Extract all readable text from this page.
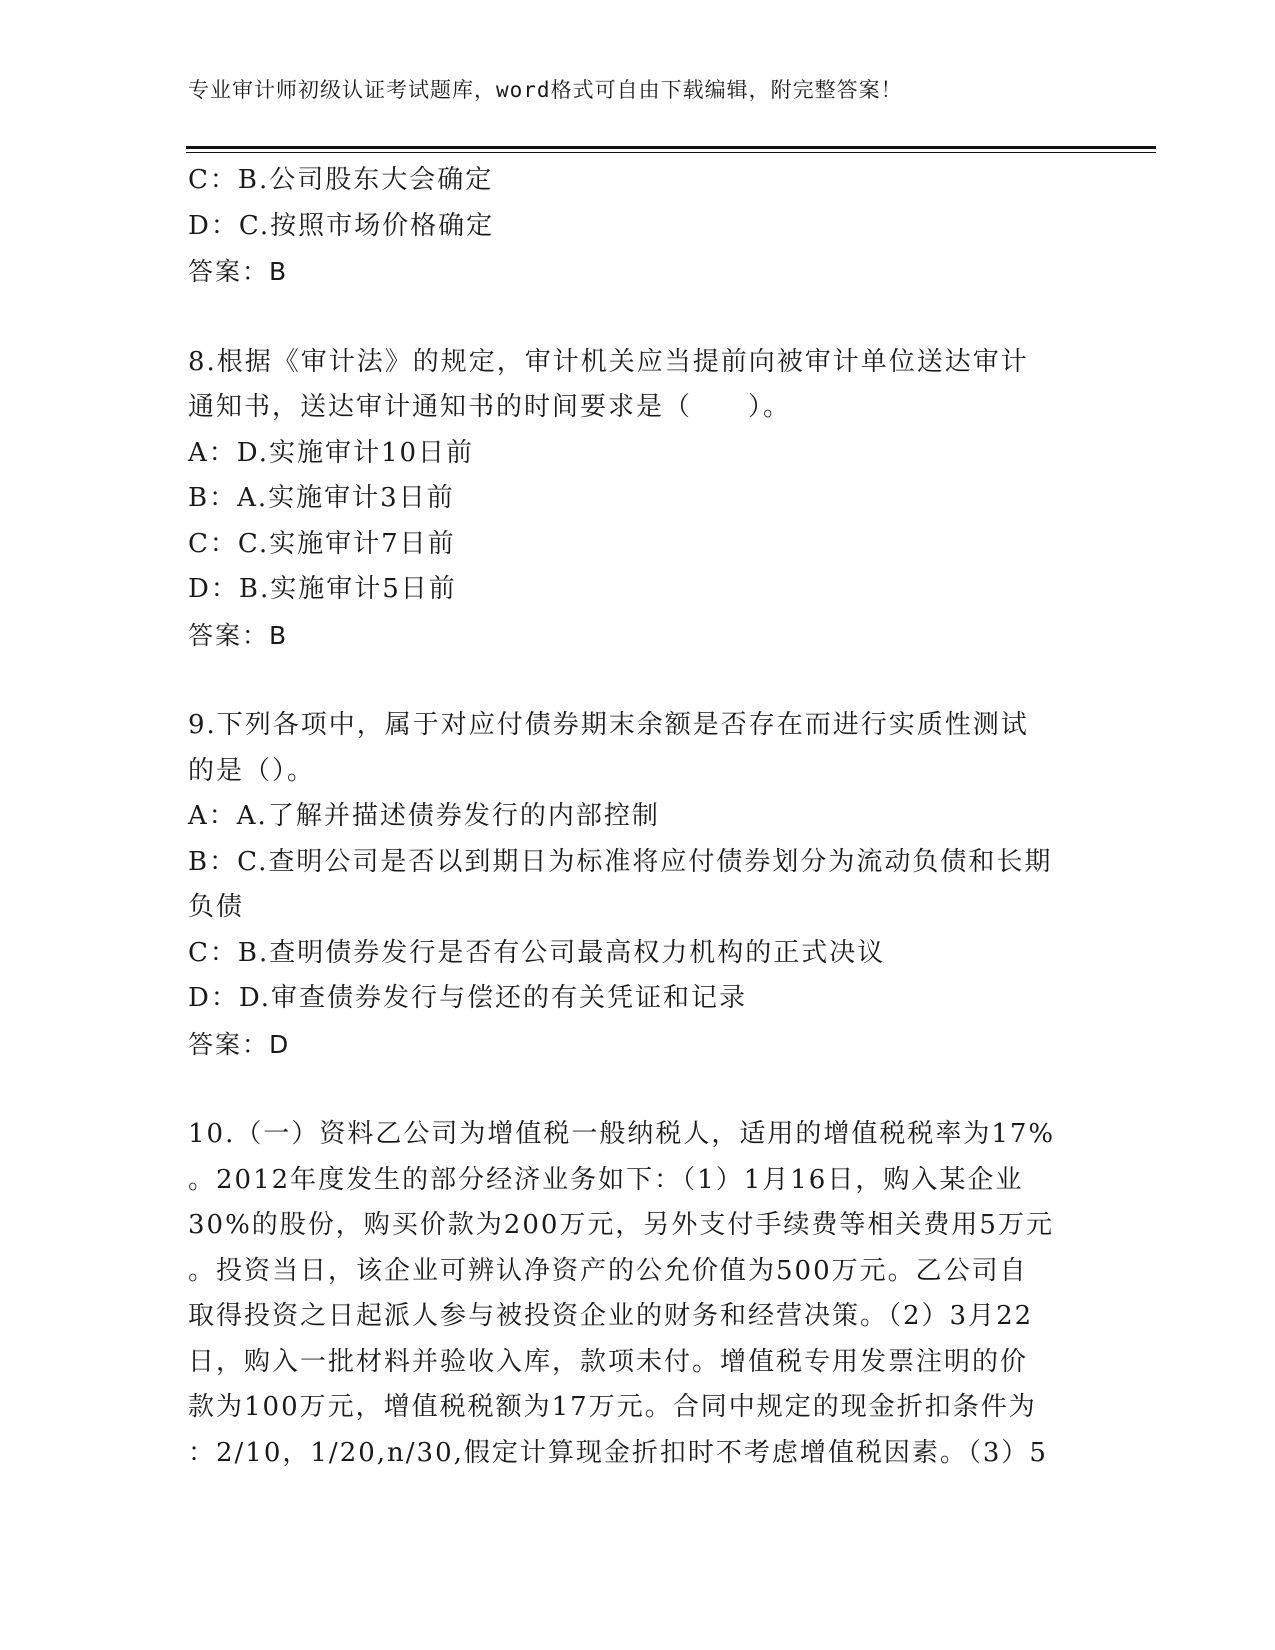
专业审计师初级认证考试题库，word格式可自由下载编辑，附完整答案！
C：B.公司股东大会确定
D：C.按照市场价格确定
答案：B
8.根据《审计法》的规定，审计机关应当提前向被审计单位送达审计
通知书，送达审计通知书的时间要求是（　　）。
A：D.实施审计10日前
B：A.实施审计3日前
C：C.实施审计7日前
D：B.实施审计5日前
答案：B
9.下列各项中，属于对应付债券期末余额是否存在而进行实质性测试
的是（）。
A：A.了解并描述债券发行的内部控制
B：C.查明公司是否以到期日为标准将应付债券划分为流动负债和长期
负债
C：B.查明债券发行是否有公司最高权力机构的正式决议
D：D.审查债券发行与偿还的有关凭证和记录
答案：D
10.（一）资料乙公司为增值税一般纳税人，适用的增值税税率为17%
。2012年度发生的部分经济业务如下：（1）1月16日，购入某企业
30%的股份，购买价款为200万元，另外支付手续费等相关费用5万元
。投资当日，该企业可辨认净资产的公允价值为500万元。乙公司自
取得投资之日起派人参与被投资企业的财务和经营决策。（2）3月22
日，购入一批材料并验收入库，款项未付。增值税专用发票注明的价
款为100万元，增值税税额为17万元。合同中规定的现金折扣条件为
：2/10，1/20,n/30,假定计算现金折扣时不考虑增值税因素。（3）5
